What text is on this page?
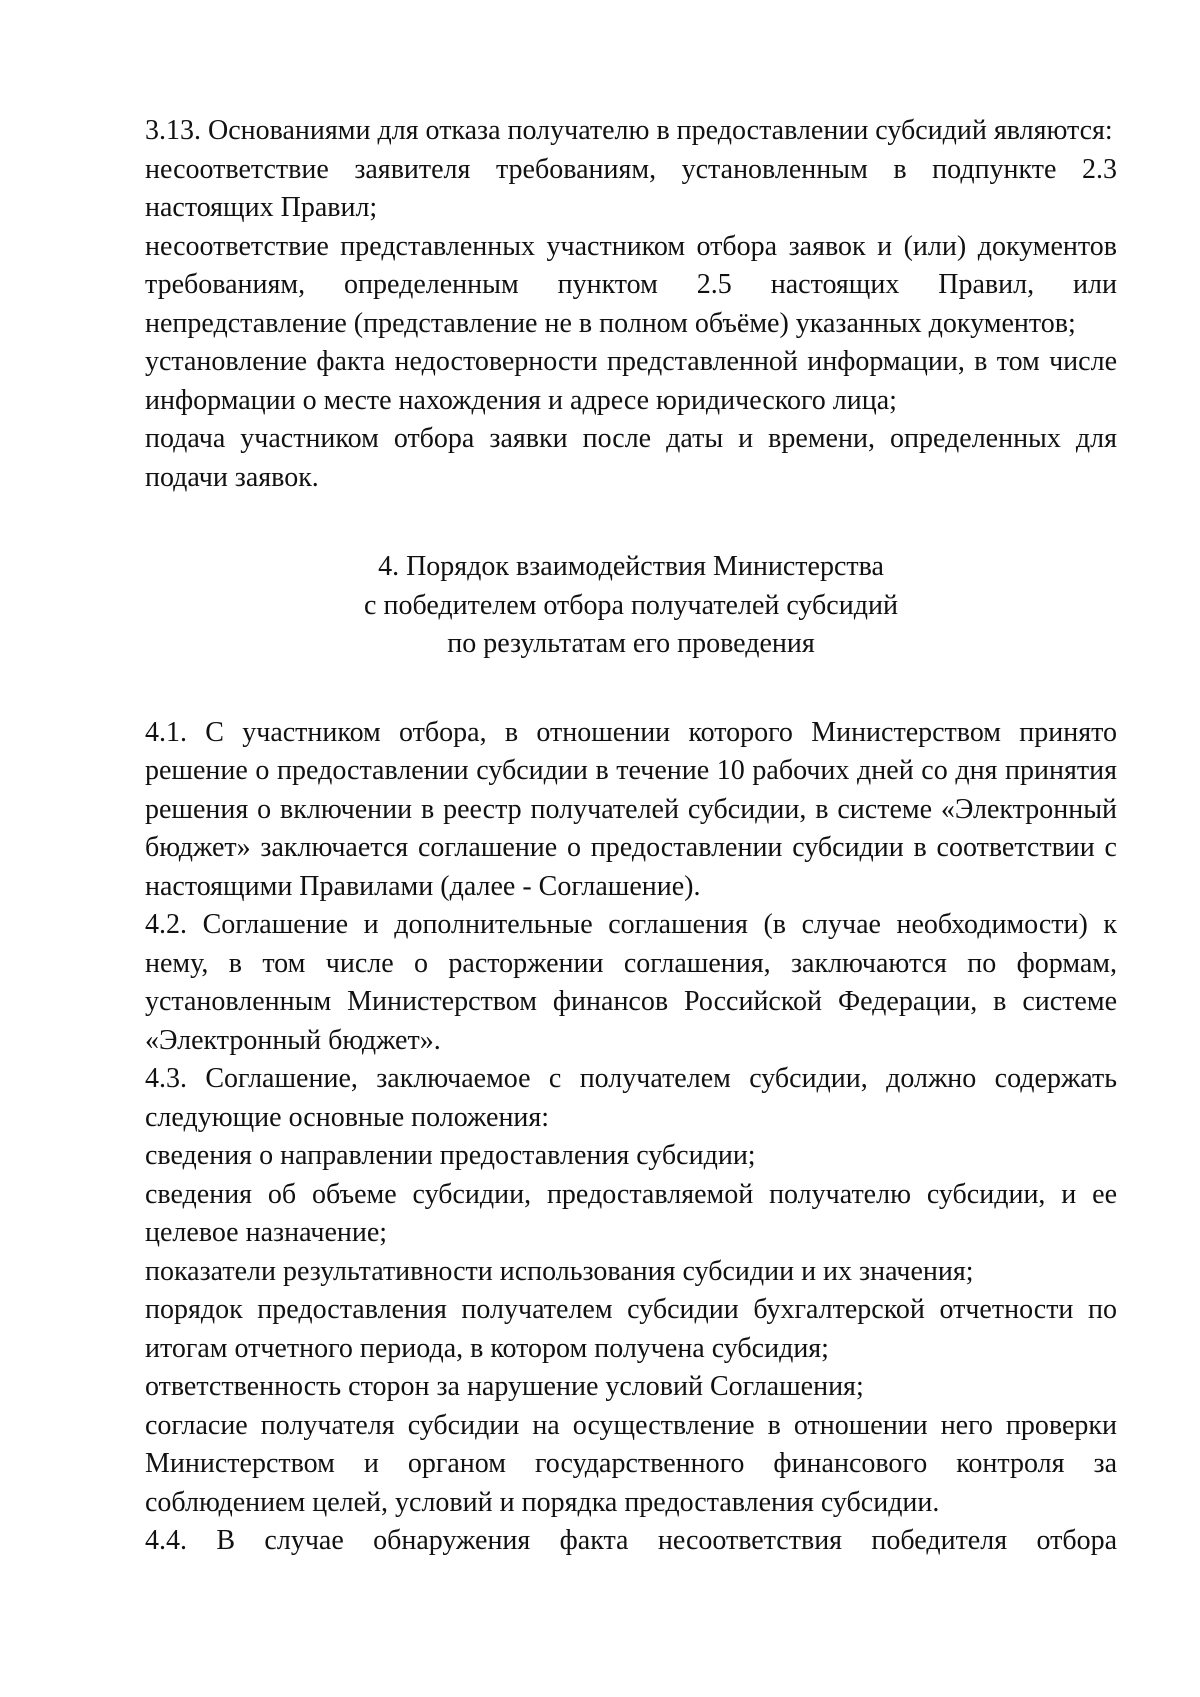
3.13. Основаниями для отказа получателю в предоставлении субсидий являются:

несоответствие заявителя требованиям, установленным в подпункте 2.3 настоящих Правил;

несоответствие представленных участником отбора заявок и (или) документов требованиям, определенным пунктом 2.5 настоящих Правил, или непредставление (представление не в полном объёме) указанных документов;

установление факта недостоверности представленной информации, в том числе информации о месте нахождения и адресе юридического лица;

подача участником отбора заявки после даты и времени, определенных для подачи заявок.

4. Порядок взаимодействия Министерства
с победителем отбора получателей субсидий
по результатам его проведения

4.1. С участником отбора, в отношении которого Министерством принято решение о предоставлении субсидии в течение 10 рабочих дней со дня принятия решения о включении в реестр получателей субсидии, в системе «Электронный бюджет» заключается соглашение о предоставлении субсидии в соответствии с настоящими Правилами (далее - Соглашение).

4.2. Соглашение и дополнительные соглашения (в случае необходимости) к нему, в том числе о расторжении соглашения, заключаются по формам, установленным Министерством финансов Российской Федерации, в системе «Электронный бюджет».

4.3. Соглашение, заключаемое с получателем субсидии, должно содержать следующие основные положения:

сведения о направлении предоставления субсидии;

сведения об объеме субсидии, предоставляемой получателю субсидии, и ее целевое назначение;

показатели результативности использования субсидии и их значения;

порядок предоставления получателем субсидии бухгалтерской отчетности по итогам отчетного периода, в котором получена субсидия;

ответственность сторон за нарушение условий Соглашения;

согласие получателя субсидии на осуществление в отношении него проверки Министерством и органом государственного финансового контроля за соблюдением целей, условий и порядка предоставления субсидии.

4.4. В случае обнаружения факта несоответствия победителя отбора
